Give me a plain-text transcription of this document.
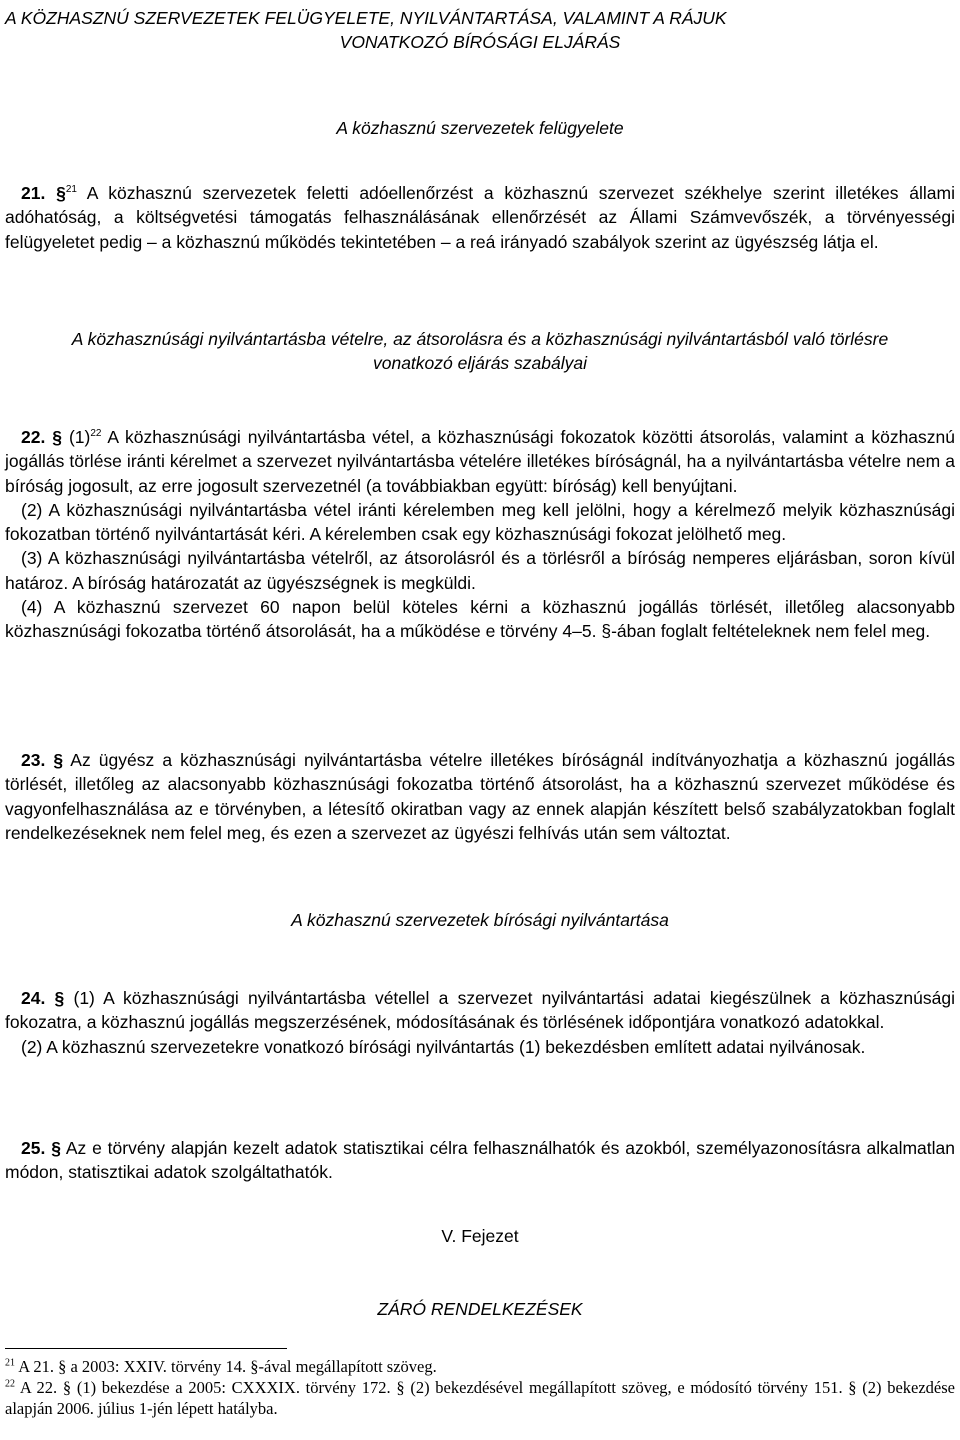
A KÖZHASZNÚ SZERVEZETEK FELÜGYELETE, NYILVÁNTARTÁSA, VALAMINT A RÁJUK

VONATKOZÓ BÍRÓSÁGI ELJÁRÁS

A közhasznú szervezetek felügyelete

21. §$^{21}$ A közhasznú szervezetek feletti adóellenőrzést a közhasznú szervezet székhelye szerint illetékes állami adóhatóság, a költségvetési támogatás felhasználásának ellenőrzését az Állami Számvevőszék, a törvényességi felügyeletet pedig – a közhasznú működés tekintetében – a reá irányadó szabályok szerint az ügyészség látja el.

A közhasznúsági nyilvántartásba vételre, az átsorolásra és a közhasznúsági nyilvántartásból való törlésre vonatkozó eljárás szabályai

22. § $(1)^{22}$ A közhasznúsági nyilvántartásba vétel, a közhasznúsági fokozatok közötti átsorolás, valamint a közhasznú jogállás törlése iránti kérelmet a szervezet nyilvántartásba vételére illetékes bíróságnál, ha a nyilvántartásba vételre nem a bíróság jogosult, az erre jogosult szervezetnél (a továbbiakban együtt: bíróság) kell benyújtani.

(2) A közhasznúsági nyilvántartásba vétel iránti kérelemben meg kell jelölni, hogy a kérelmező melyik közhasznúsági fokozatban történő nyilvántartását kéri. A kérelemben csak egy közhasznúsági fokozat jelölhető meg.

(3) A közhasznúsági nyilvántartásba vételről, az átsorolásról és a törlésről a bíróság nemperes eljárásban, soron kívül határoz. A bíróság határozatát az ügyészségnek is megküldi.

(4) A közhasznú szervezet 60 napon belül köteles kérni a közhasznú jogállás törlését, illetőleg alacsonyabb közhasznúsági fokozatba történő átsorolását, ha a működése e törvény 4–5. §-ában foglalt feltételeknek nem felel meg.

23. § Az ügyész a közhasznúsági nyilvántartásba vételre illetékes bíróságnál indítványozhatja a közhasznú jogállás törlését, illetőleg az alacsonyabb közhasznúsági fokozatba történő átsorolást, ha a közhasznú szervezet működése és vagyonfelhasználása az e törvényben, a létesítő okiratban vagy az ennek alapján készített belső szabályzatokban foglalt rendelkezéseknek nem felel meg, és ezen a szervezet az ügyészi felhívás után sem változtat.

A közhasznú szervezetek bírósági nyilvántartása

24. § (1) A közhasznúsági nyilvántartásba vétellel a szervezet nyilvántartási adatai kiegészülnek a közhasznúsági fokozatra, a közhasznú jogállás megszerzésének, módosításának és törlésének időpontjára vonatkozó adatokkal.

(2) A közhasznú szervezetekre vonatkozó bírósági nyilvántartás (1) bekezdésben említett adatai nyilvánosak.

25. § Az e törvény alapján kezelt adatok statisztikai célra felhasználhatók és azokból, személyazonosításra alkalmatlan módon, statisztikai adatok szolgáltathatók.

V. Fejezet

ZÁRÓ RENDELKEZÉSEK

$^{21}$ A 21. § a 2003: XXIV. törvény 14. §-ával megállapított szöveg.

$^{22}$ A 22. § (1) bekezdése a 2005: CXXXIX. törvény 172. § (2) bekezdésével megállapított szöveg, e módosító törvény 151. § (2) bekezdése alapján 2006. július 1-jén lépett hatályba.
